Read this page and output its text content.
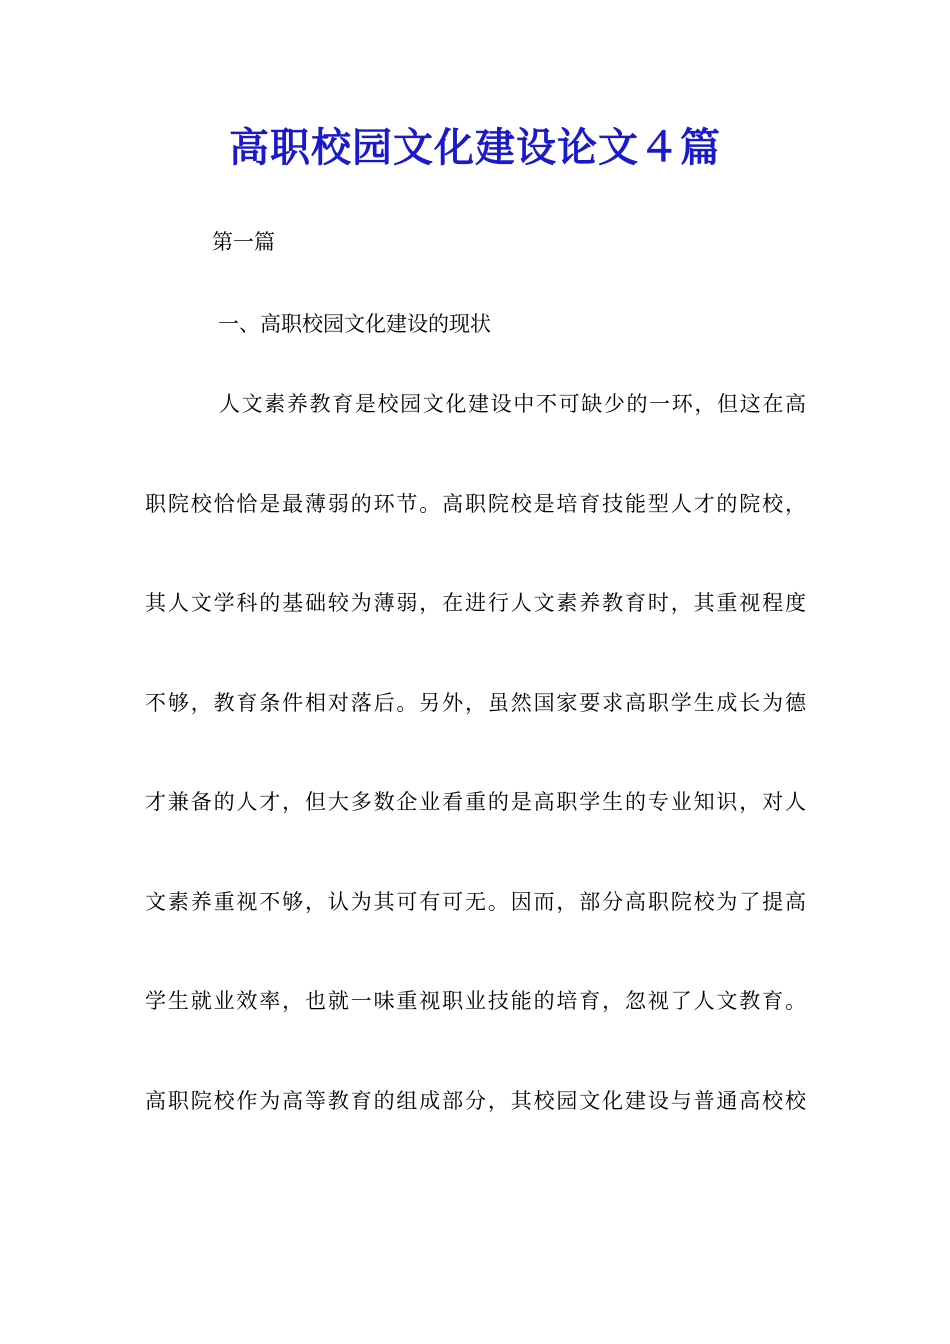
高职校园文化建设论文４篇

第一篇

一、高职校园文化建设的现状

人文素养教育是校园文化建设中不可缺少的一环，但这在高
职院校恰恰是最薄弱的环节。高职院校是培育技能型人才的院校，
其人文学科的基础较为薄弱，在进行人文素养教育时，其重视程度
不够，教育条件相对落后。另外，虽然国家要求高职学生成长为德
才兼备的人才，但大多数企业看重的是高职学生的专业知识，对人
文素养重视不够，认为其可有可无。因而，部分高职院校为了提高
学生就业效率，也就一味重视职业技能的培育，忽视了人文教育。
高职院校作为高等教育的组成部分，其校园文化建设与普通高校校
